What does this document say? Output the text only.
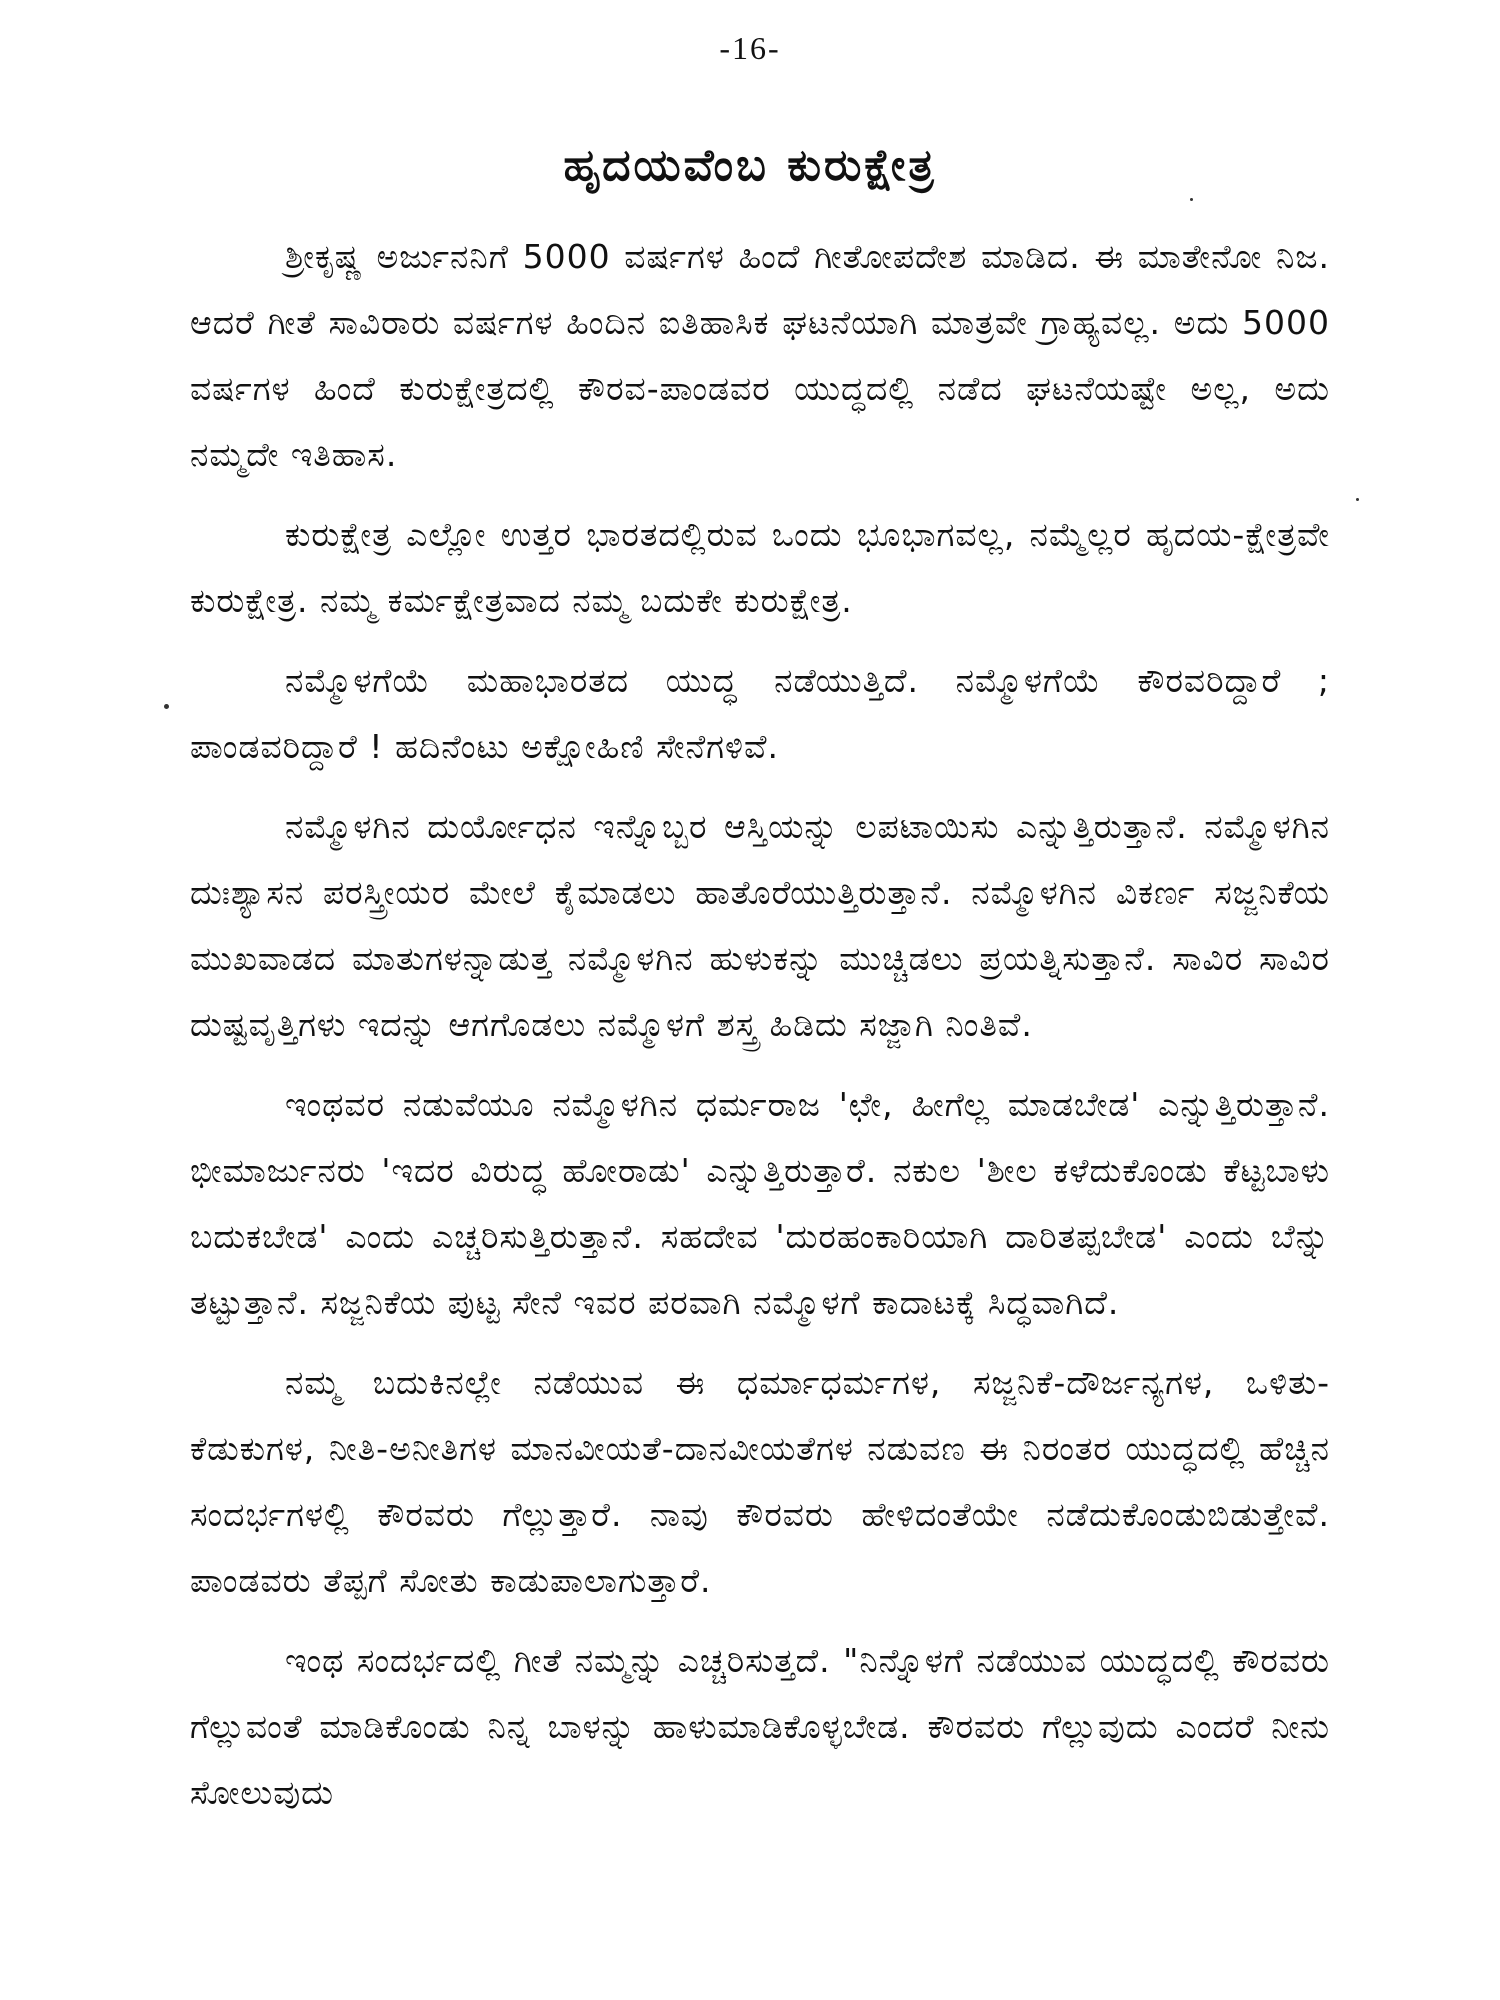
-16-
ಹೃದಯವೆಂಬ ಕುರುಕ್ಷೇತ್ರ

ಶ್ರೀಕೃಷ್ಣ ಅರ್ಜುನನಿಗೆ 5000 ವರ್ಷಗಳ ಹಿಂದೆ ಗೀತೋಪದೇಶ ಮಾಡಿದ. ಈ ಮಾತೇನೋ ನಿಜ. ಆದರೆ ಗೀತೆ ಸಾವಿರಾರು ವರ್ಷಗಳ ಹಿಂದಿನ ಐತಿಹಾಸಿಕ ಘಟನೆಯಾಗಿ ಮಾತ್ರವೇ ಗ್ರಾಹ್ಯವಲ್ಲ. ಅದು 5000 ವರ್ಷಗಳ ಹಿಂದೆ ಕುರುಕ್ಷೇತ್ರದಲ್ಲಿ ಕೌರವ-ಪಾಂಡವರ ಯುದ್ಧದಲ್ಲಿ ನಡೆದ ಘಟನೆಯಷ್ಟೇ ಅಲ್ಲ, ಅದು ನಮ್ಮದೇ ಇತಿಹಾಸ.

ಕುರುಕ್ಷೇತ್ರ ಎಲ್ಲೋ ಉತ್ತರ ಭಾರತದಲ್ಲಿರುವ ಒಂದು ಭೂಭಾಗವಲ್ಲ, ನಮ್ಮೆಲ್ಲರ ಹೃದಯ-ಕ್ಷೇತ್ರವೇ ಕುರುಕ್ಷೇತ್ರ. ನಮ್ಮ ಕರ್ಮಕ್ಷೇತ್ರವಾದ ನಮ್ಮ ಬದುಕೇ ಕುರುಕ್ಷೇತ್ರ.

ನಮ್ಮೊಳಗೆಯೆ ಮಹಾಭಾರತದ ಯುದ್ಧ ನಡೆಯುತ್ತಿದೆ. ನಮ್ಮೊಳಗೆಯೆ ಕೌರವರಿದ್ದಾರೆ ; ಪಾಂಡವರಿದ್ದಾರೆ ! ಹದಿನೆಂಟು ಅಕ್ಷೋಹಿಣಿ ಸೇನೆಗಳಿವೆ.

ನಮ್ಮೊಳಗಿನ ದುರ್ಯೋಧನ ಇನ್ನೊಬ್ಬರ ಆಸ್ತಿಯನ್ನು ಲಪಟಾಯಿಸು ಎನ್ನುತ್ತಿರುತ್ತಾನೆ. ನಮ್ಮೊಳಗಿನ ದುಃಶ್ಯಾಸನ ಪರಸ್ತ್ರೀಯರ ಮೇಲೆ ಕೈಮಾಡಲು ಹಾತೊರೆಯುತ್ತಿರುತ್ತಾನೆ. ನಮ್ಮೊಳಗಿನ ವಿಕರ್ಣ ಸಜ್ಜನಿಕೆಯ ಮುಖವಾಡದ ಮಾತುಗಳನ್ನಾಡುತ್ತ ನಮ್ಮೊಳಗಿನ ಹುಳುಕನ್ನು ಮುಚ್ಚಿಡಲು ಪ್ರಯತ್ನಿಸುತ್ತಾನೆ. ಸಾವಿರ ಸಾವಿರ ದುಷ್ಟವೃತ್ತಿಗಳು ಇದನ್ನು ಆಗಗೊಡಲು ನಮ್ಮೊಳಗೆ ಶಸ್ತ್ರ ಹಿಡಿದು ಸಜ್ಜಾಗಿ ನಿಂತಿವೆ.

ಇಂಥವರ ನಡುವೆಯೂ ನಮ್ಮೊಳಗಿನ ಧರ್ಮರಾಜ 'ಛೇ, ಹೀಗೆಲ್ಲ ಮಾಡಬೇಡ' ಎನ್ನುತ್ತಿರುತ್ತಾನೆ. ಭೀಮಾರ್ಜುನರು 'ಇದರ ವಿರುದ್ಧ ಹೋರಾಡು' ಎನ್ನುತ್ತಿರುತ್ತಾರೆ. ನಕುಲ 'ಶೀಲ ಕಳೆದುಕೊಂಡು ಕೆಟ್ಟಬಾಳು ಬದುಕಬೇಡ' ಎಂದು ಎಚ್ಚರಿಸುತ್ತಿರುತ್ತಾನೆ. ಸಹದೇವ 'ದುರಹಂಕಾರಿಯಾಗಿ ದಾರಿತಪ್ಪಬೇಡ' ಎಂದು ಬೆನ್ನು ತಟ್ಟುತ್ತಾನೆ. ಸಜ್ಜನಿಕೆಯ ಪುಟ್ಟ ಸೇನೆ ಇವರ ಪರವಾಗಿ ನಮ್ಮೊಳಗೆ ಕಾದಾಟಕ್ಕೆ ಸಿದ್ಧವಾಗಿದೆ.

ನಮ್ಮ ಬದುಕಿನಲ್ಲೇ ನಡೆಯುವ ಈ ಧರ್ಮಾಧರ್ಮಗಳ, ಸಜ್ಜನಿಕೆ-ದೌರ್ಜನ್ಯಗಳ, ಒಳಿತು-ಕೆಡುಕುಗಳ, ನೀತಿ-ಅನೀತಿಗಳ ಮಾನವೀಯತೆ-ದಾನವೀಯತೆಗಳ ನಡುವಣ ಈ ನಿರಂತರ ಯುದ್ಧದಲ್ಲಿ ಹೆಚ್ಚಿನ ಸಂದರ್ಭಗಳಲ್ಲಿ ಕೌರವರು ಗೆಲ್ಲುತ್ತಾರೆ. ನಾವು ಕೌರವರು ಹೇಳಿದಂತೆಯೇ ನಡೆದುಕೊಂಡುಬಿಡುತ್ತೇವೆ. ಪಾಂಡವರು ತೆಪ್ಪಗೆ ಸೋತು ಕಾಡುಪಾಲಾಗುತ್ತಾರೆ.

ಇಂಥ ಸಂದರ್ಭದಲ್ಲಿ ಗೀತೆ ನಮ್ಮನ್ನು ಎಚ್ಚರಿಸುತ್ತದೆ. "ನಿನ್ನೊಳಗೆ ನಡೆಯುವ ಯುದ್ಧದಲ್ಲಿ ಕೌರವರು ಗೆಲ್ಲುವಂತೆ ಮಾಡಿಕೊಂಡು ನಿನ್ನ ಬಾಳನ್ನು ಹಾಳುಮಾಡಿಕೊಳ್ಳಬೇಡ. ಕೌರವರು ಗೆಲ್ಲುವುದು ಎಂದರೆ ನೀನು ಸೋಲುವುದು
